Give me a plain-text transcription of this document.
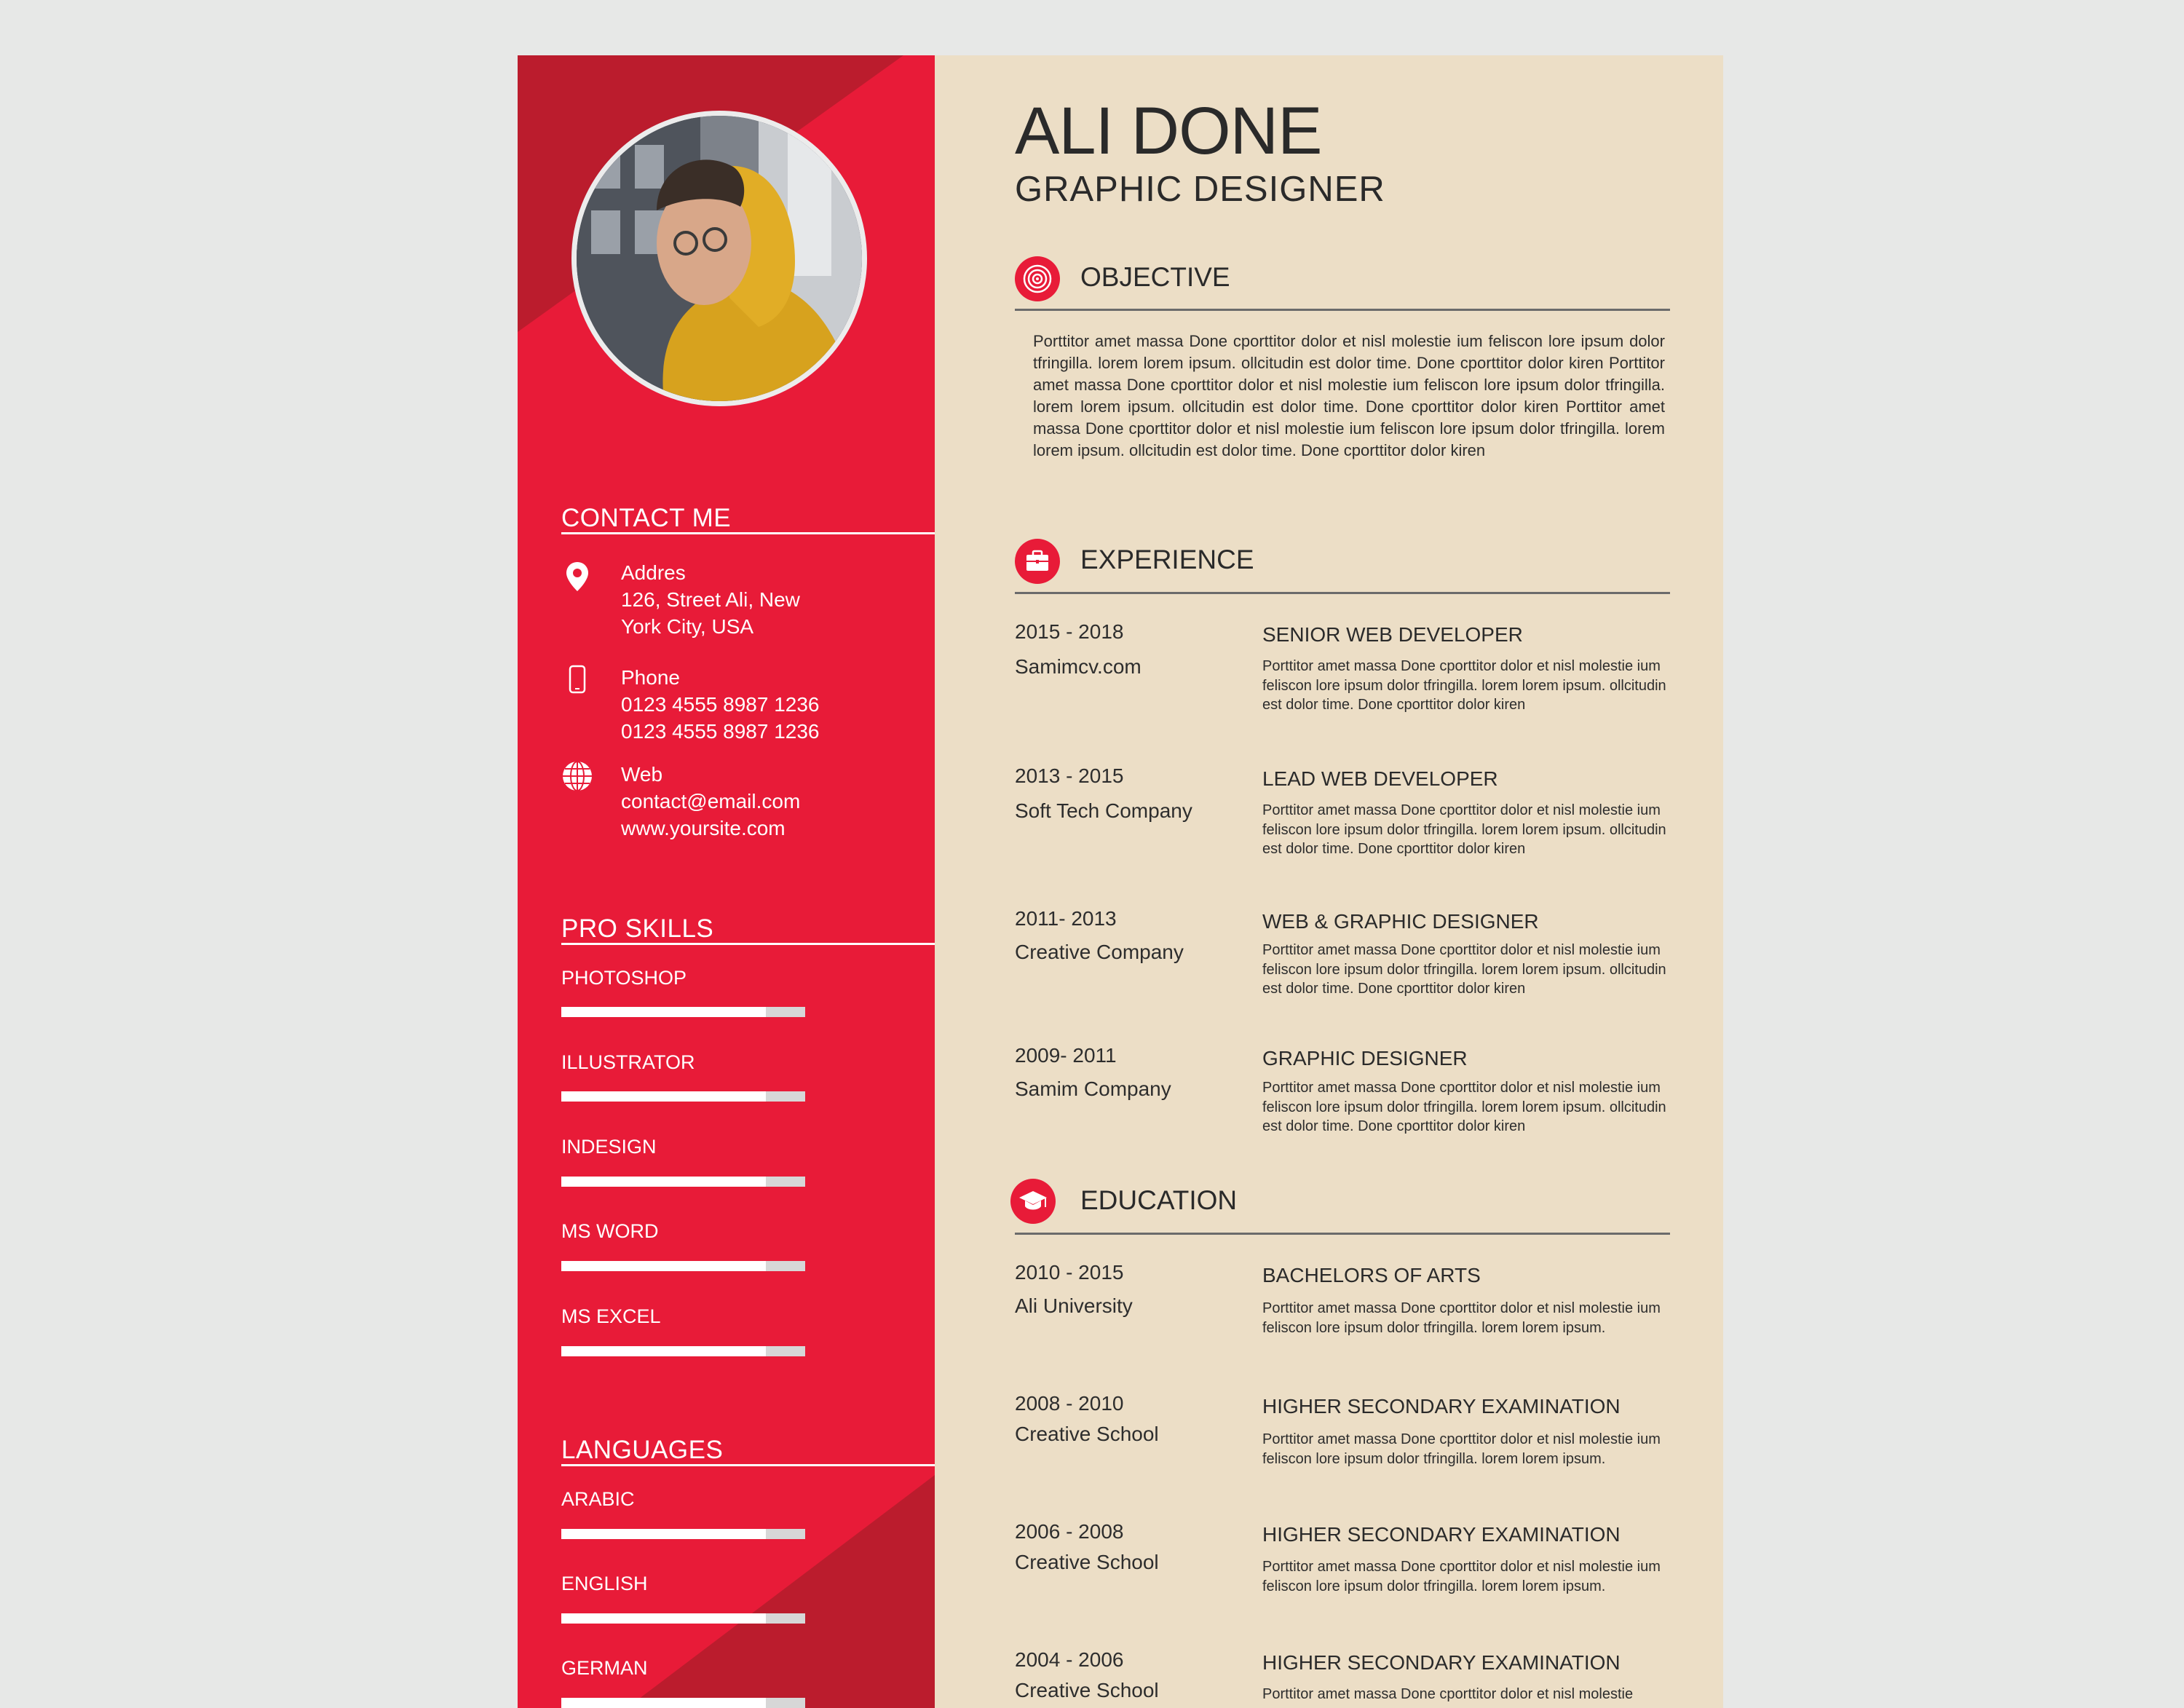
CONTACT ME
Addres
126, Street Ali, New
York City, USA
Phone
0123 4555 8987 1236
0123 4555 8987 1236
Web
contact@email.com
www.yoursite.com
PRO SKILLS
PHOTOSHOP
ILLUSTRATOR
INDESIGN
MS WORD
MS EXCEL
LANGUAGES
ARABIC
ENGLISH
GERMAN
ALI DONE
GRAPHIC DESIGNER
OBJECTIVE
Porttitor amet massa Done cporttitor dolor et nisl molestie ium feliscon lore ipsum dolor tfringilla. lorem lorem ipsum. ollcitudin est dolor time. Done cporttitor dolor kiren Porttitor amet massa Done cporttitor dolor et nisl molestie ium feliscon lore ipsum dolor tfringilla. lorem lorem ipsum. ollcitudin est dolor time. Done cporttitor dolor kiren Porttitor amet massa Done cporttitor dolor et nisl molestie ium feliscon lore ipsum dolor tfringilla. lorem lorem ipsum. ollcitudin est dolor time. Done cporttitor dolor kiren
EXPERIENCE
2015 - 2018
Samimcv.com
SENIOR WEB DEVELOPER
Porttitor amet massa Done cporttitor dolor et nisl molestie ium feliscon lore ipsum dolor tfringilla. lorem lorem ipsum. ollcitudin est dolor time. Done cporttitor dolor kiren
2013 - 2015
Soft Tech Company
LEAD WEB DEVELOPER
Porttitor amet massa Done cporttitor dolor et nisl molestie ium feliscon lore ipsum dolor tfringilla. lorem lorem ipsum. ollcitudin est dolor time. Done cporttitor dolor kiren
2011- 2013
Creative Company
WEB & GRAPHIC DESIGNER
Porttitor amet massa Done cporttitor dolor et nisl molestie ium feliscon lore ipsum dolor tfringilla. lorem lorem ipsum. ollcitudin est dolor time. Done cporttitor dolor kiren
2009- 2011
Samim Company
GRAPHIC DESIGNER
Porttitor amet massa Done cporttitor dolor et nisl molestie ium feliscon lore ipsum dolor tfringilla. lorem lorem ipsum. ollcitudin est dolor time. Done cporttitor dolor kiren
EDUCATION
2010 - 2015
Ali University
BACHELORS OF ARTS
Porttitor amet massa Done cporttitor dolor et nisl molestie ium feliscon lore ipsum dolor tfringilla. lorem lorem ipsum.
2008 - 2010
Creative School
HIGHER SECONDARY EXAMINATION
Porttitor amet massa Done cporttitor dolor et nisl molestie ium feliscon lore ipsum dolor tfringilla. lorem lorem ipsum.
2006 - 2008
Creative School
HIGHER SECONDARY EXAMINATION
Porttitor amet massa Done cporttitor dolor et nisl molestie ium feliscon lore ipsum dolor tfringilla. lorem lorem ipsum.
2004 - 2006
Creative School
HIGHER SECONDARY EXAMINATION
Porttitor amet massa Done cporttitor dolor et nisl molestie
